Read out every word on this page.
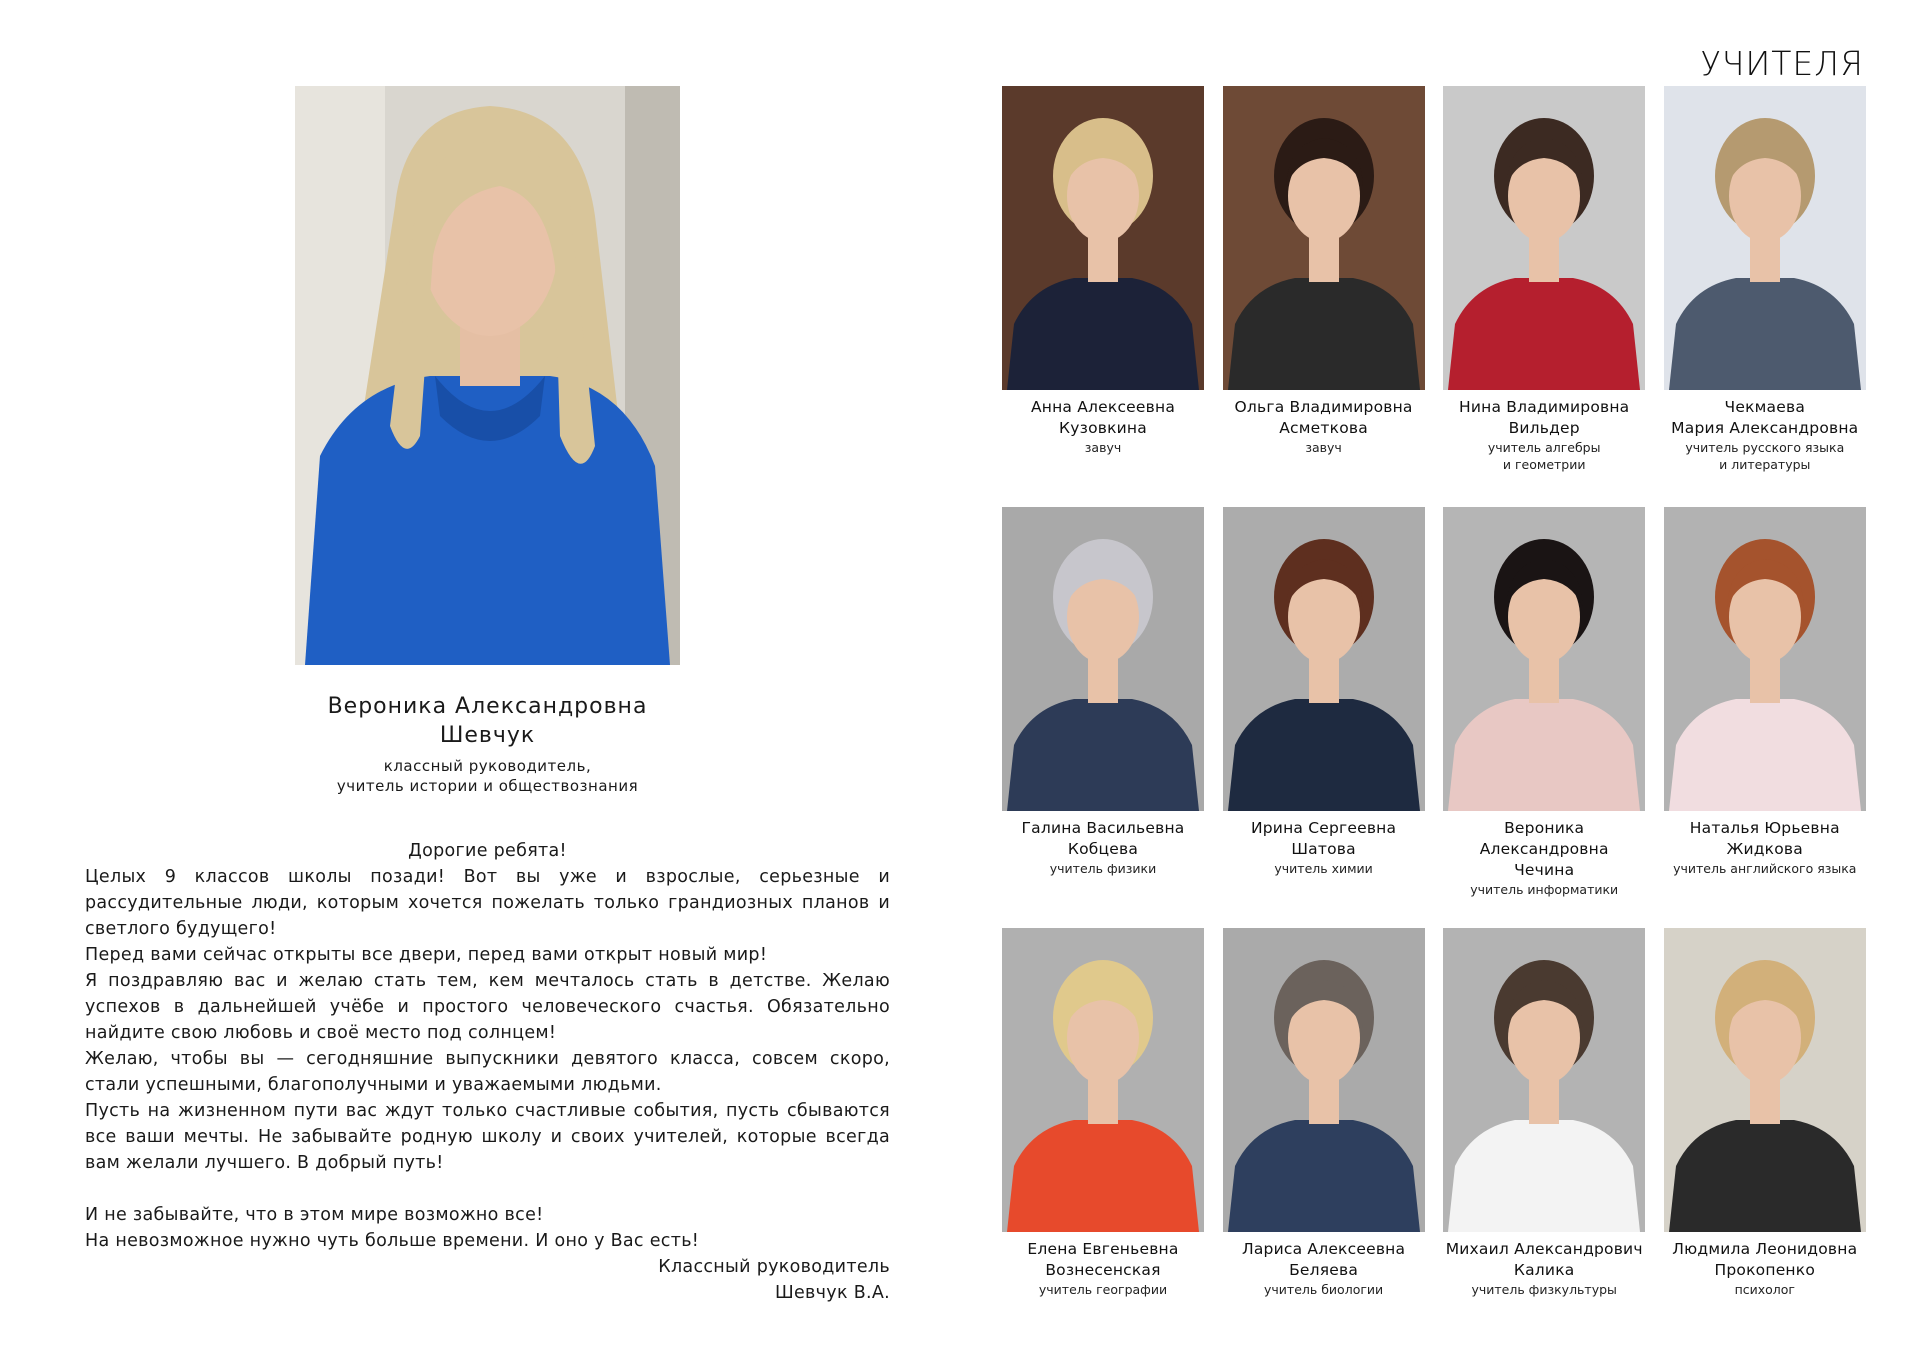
УЧИТЕЛЯ
Вероника Александровна
Шевчук
классный руководитель,
учитель истории и обществознания
Дорогие ребята!

Целых 9 классов школы позади! Вот вы уже и взрослые, серьезные и рассудительные люди, которым хочется пожелать только грандиозных планов и светлого будущего!

Перед вами сейчас открыты все двери, перед вами открыт новый мир!

Я поздравляю вас и желаю стать тем, кем мечталось стать в детстве. Желаю успехов в дальнейшей учёбе и простого человеческого счастья. Обязательно найдите свою любовь и своё место под солнцем!

Желаю, чтобы вы — сегодняшние выпускники девятого класса, совсем скоро, стали успешными, благополучными и уважаемыми людьми.

Пусть на жизненном пути вас ждут только счастливые события, пусть сбываются все ваши мечты. Не забывайте родную школу и своих учителей, которые всегда вам желали лучшего. В добрый путь!

И не забывайте, что в этом мире возможно все!

На невозможное нужно чуть больше времени. И оно у Вас есть!

Классный руководитель
Шевчук В.А.
Анна Алексеевна
Кузовкина
завуч
Ольга Владимировна
Асметкова
завуч
Нина Владимировна
Вильдер
учитель алгебры
и геометрии
Чекмаева
Мария Александровна
учитель русского языка
и литературы
Галина Васильевна
Кобцева
учитель физики
Ирина Сергеевна
Шатова
учитель химии
Вероника Александровна
Чечина
учитель информатики
Наталья Юрьевна
Жидкова
учитель английского языка
Елена Евгеньевна
Вознесенская
учитель географии
Лариса Алексеевна
Беляева
учитель биологии
Михаил Александрович
Калика
учитель физкультуры
Людмила Леонидовна
Прокопенко
психолог
